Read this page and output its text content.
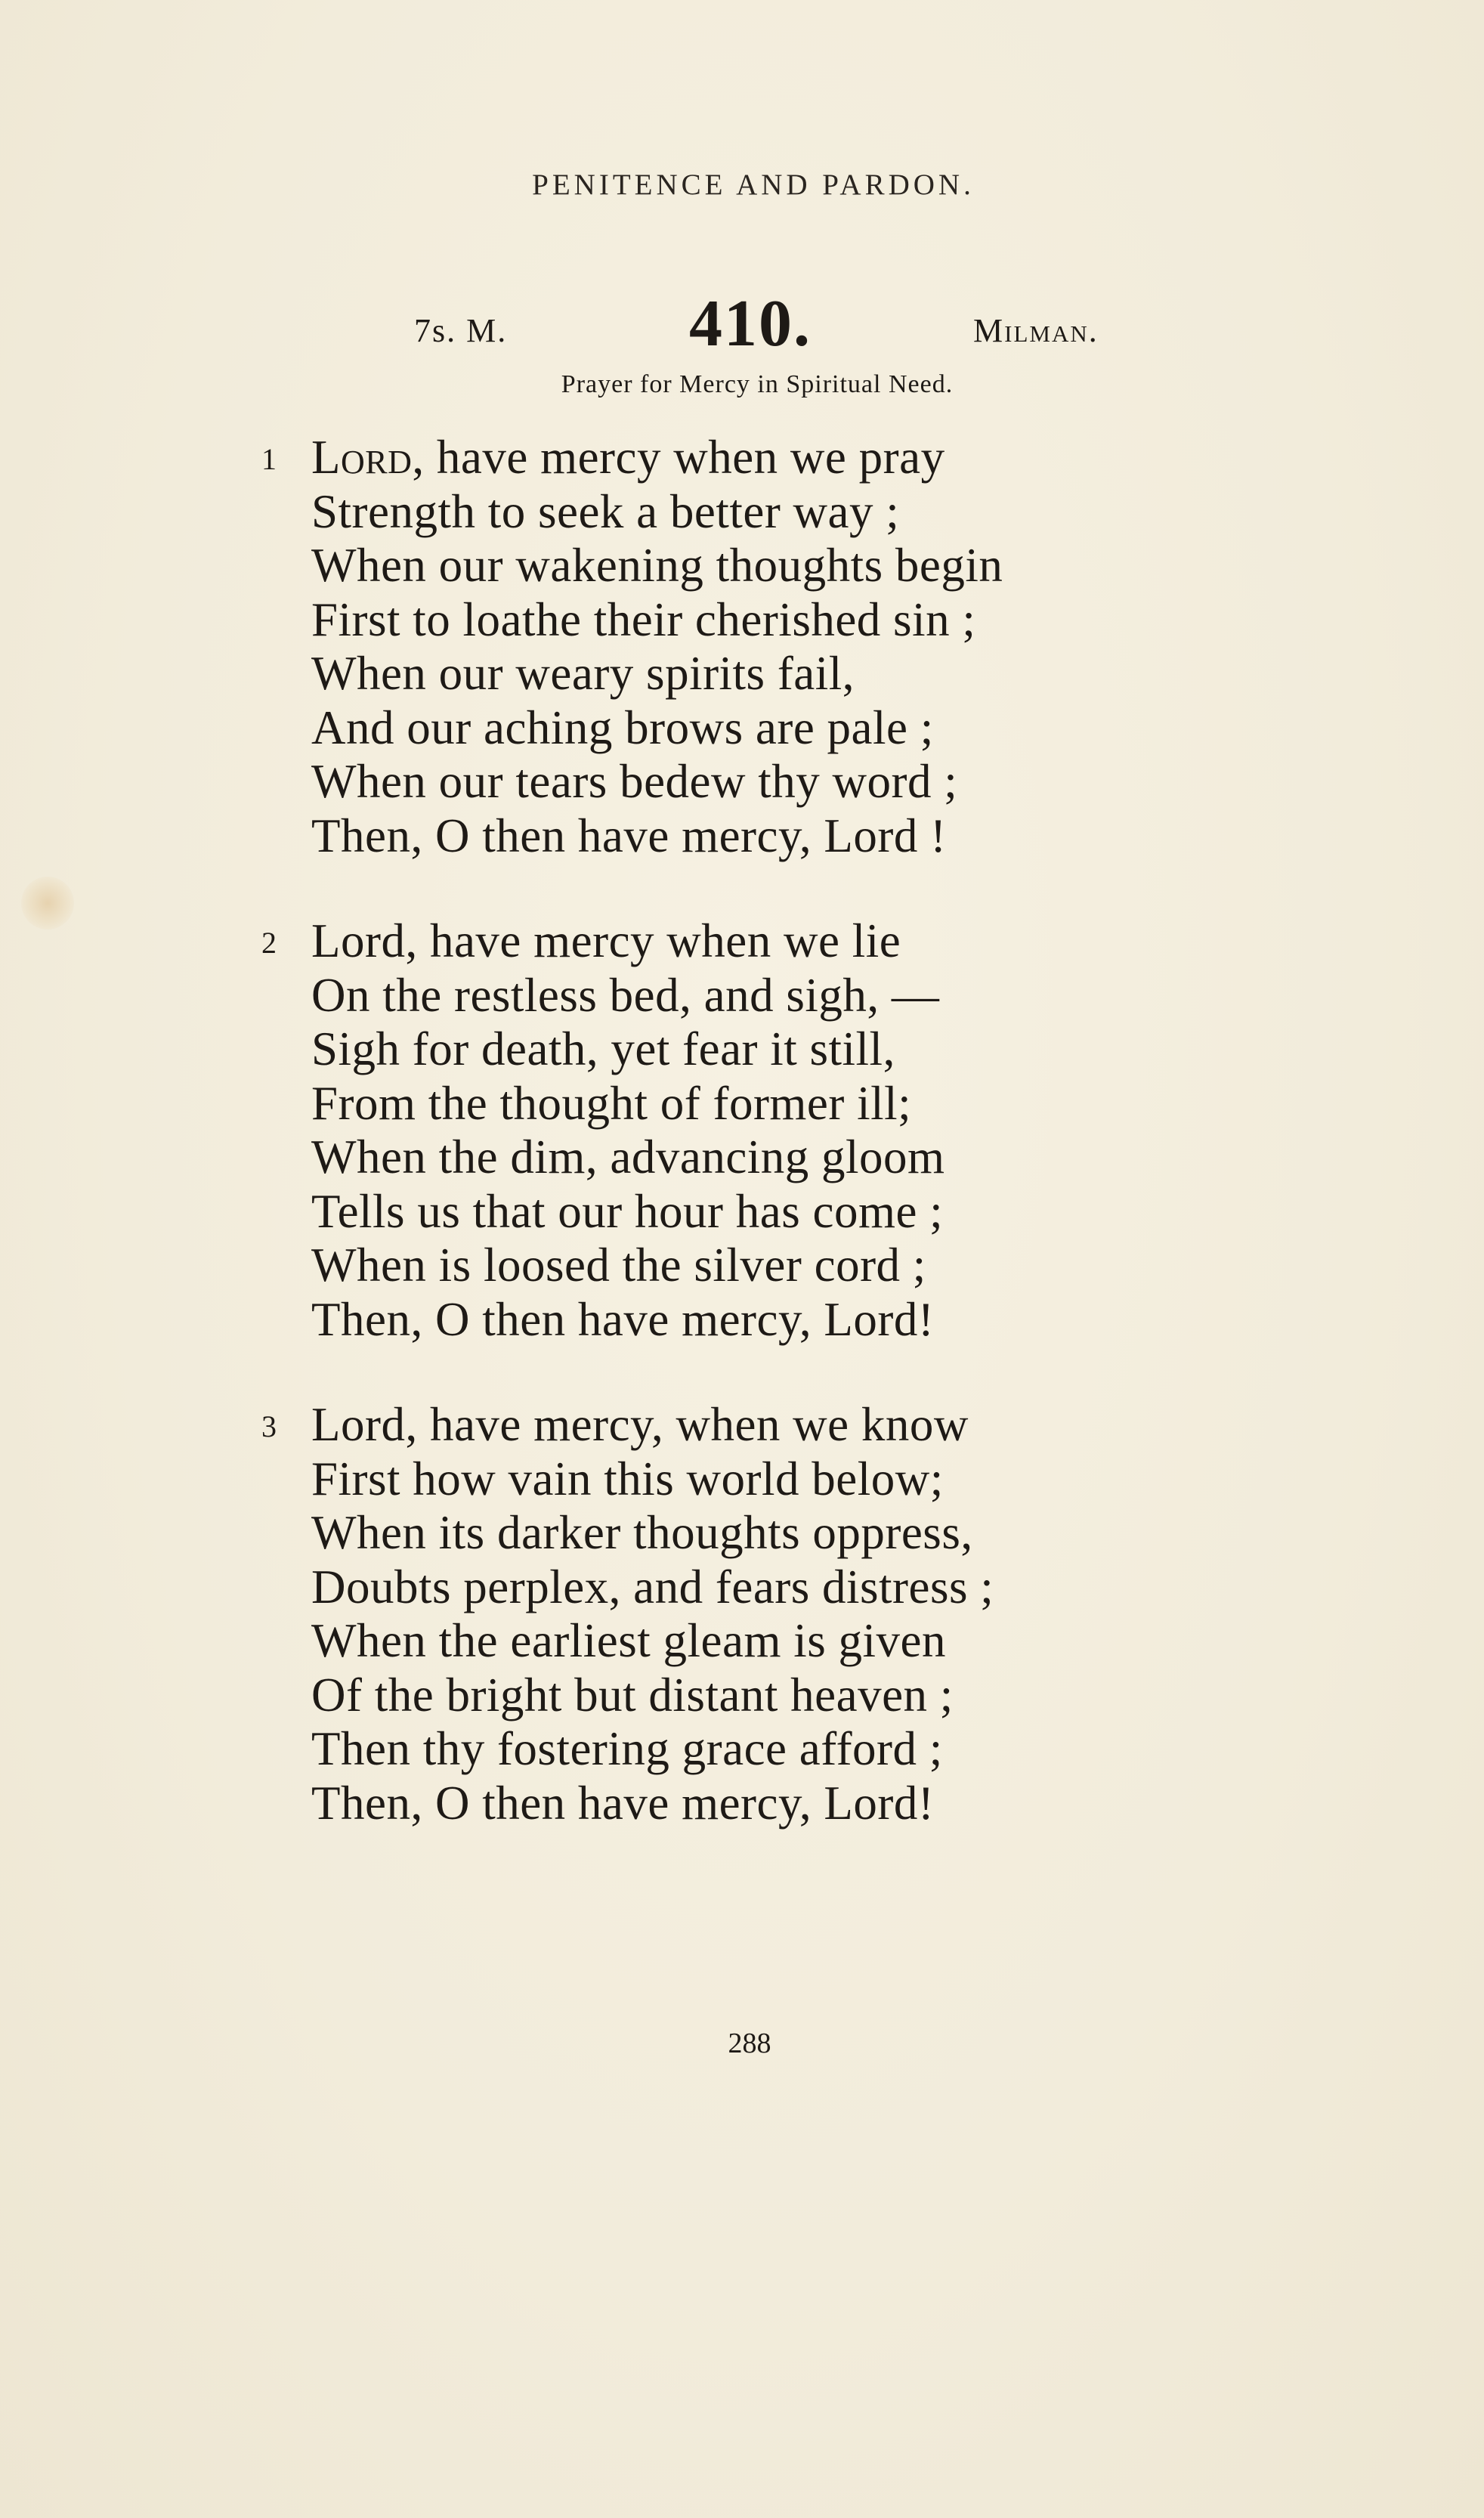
PENITENCE AND PARDON.
7s. M.	410.	Milman.
Prayer for Mercy in Spiritual Need.
1 Lord, have mercy when we pray
Strength to seek a better way ;
When our wakening thoughts begin
First to loathe their cherished sin ;
When our weary spirits fail,
And our aching brows are pale ;
When our tears bedew thy word ;
Then, O then have mercy, Lord !
2 Lord, have mercy when we lie
On the restless bed, and sigh, —
Sigh for death, yet fear it still,
From the thought of former ill;
When the dim, advancing gloom
Tells us that our hour has come ;
When is loosed the silver cord ;
Then, O then have mercy, Lord!
3 Lord, have mercy, when we know
First how vain this world below;
When its darker thoughts oppress,
Doubts perplex, and fears distress ;
When the earliest gleam is given
Of the bright but distant heaven ;
Then thy fostering grace afford ;
Then, O then have mercy, Lord!
288
